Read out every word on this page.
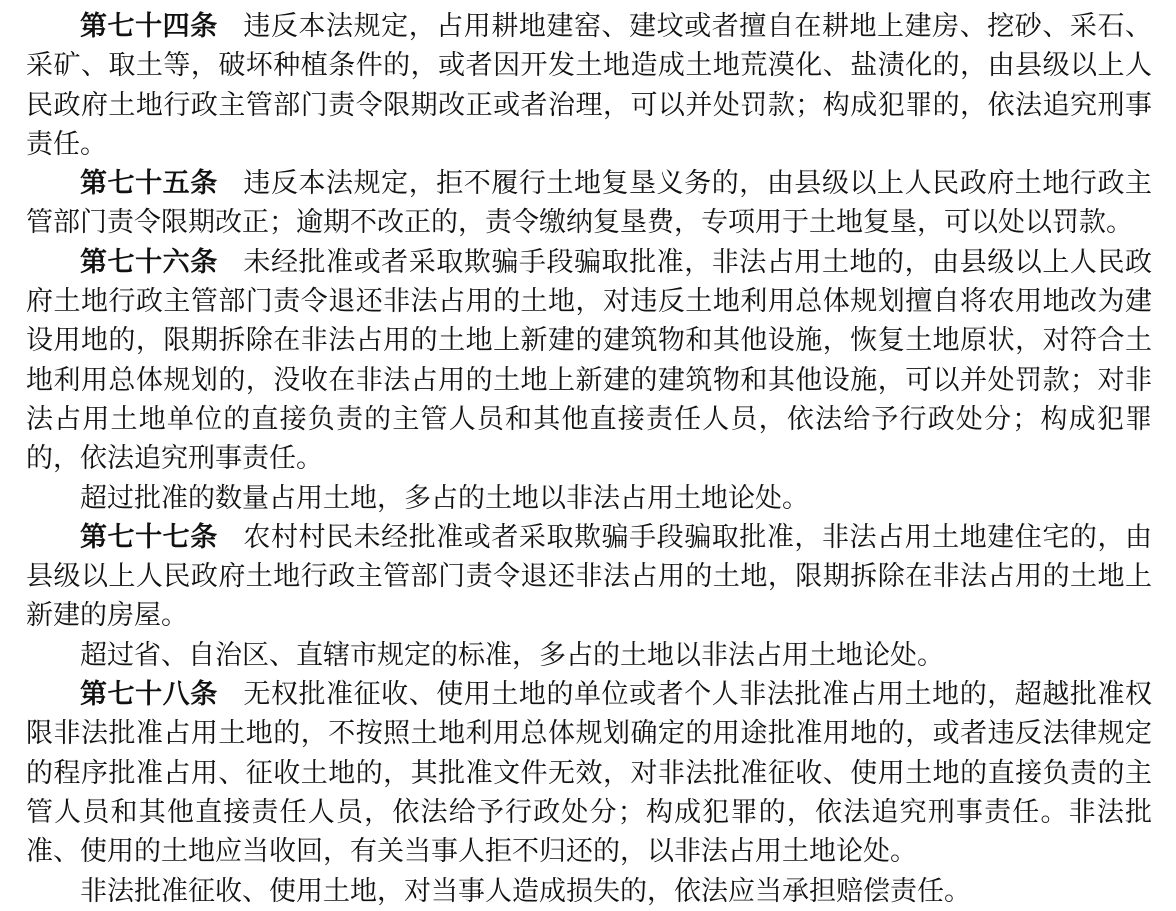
第七十四条 违反本法规定，占用耕地建窑、建坟或者擅自在耕地上建房、挖砂、采石、采矿、取土等，破坏种植条件的，或者因开发土地造成土地荒漠化、盐渍化的，由县级以上人民政府土地行政主管部门责令限期改正或者治理，可以并处罚款；构成犯罪的，依法追究刑事责任。

第七十五条 违反本法规定，拒不履行土地复垦义务的，由县级以上人民政府土地行政主管部门责令限期改正；逾期不改正的，责令缴纳复垦费，专项用于土地复垦，可以处以罚款。

第七十六条 未经批准或者采取欺骗手段骗取批准，非法占用土地的，由县级以上人民政府土地行政主管部门责令退还非法占用的土地，对违反土地利用总体规划擅自将农用地改为建设用地的，限期拆除在非法占用的土地上新建的建筑物和其他设施，恢复土地原状，对符合土地利用总体规划的，没收在非法占用的土地上新建的建筑物和其他设施，可以并处罚款；对非法占用土地单位的直接负责的主管人员和其他直接责任人员，依法给予行政处分；构成犯罪的，依法追究刑事责任。

超过批准的数量占用土地，多占的土地以非法占用土地论处。

第七十七条 农村村民未经批准或者采取欺骗手段骗取批准，非法占用土地建住宅的，由县级以上人民政府土地行政主管部门责令退还非法占用的土地，限期拆除在非法占用的土地上新建的房屋。

超过省、自治区、直辖市规定的标准，多占的土地以非法占用土地论处。

第七十八条 无权批准征收、使用土地的单位或者个人非法批准占用土地的，超越批准权限非法批准占用土地的，不按照土地利用总体规划确定的用途批准用地的，或者违反法律规定的程序批准占用、征收土地的，其批准文件无效，对非法批准征收、使用土地的直接负责的主管人员和其他直接责任人员，依法给予行政处分；构成犯罪的，依法追究刑事责任。非法批准、使用的土地应当收回，有关当事人拒不归还的，以非法占用土地论处。

非法批准征收、使用土地，对当事人造成损失的，依法应当承担赔偿责任。
